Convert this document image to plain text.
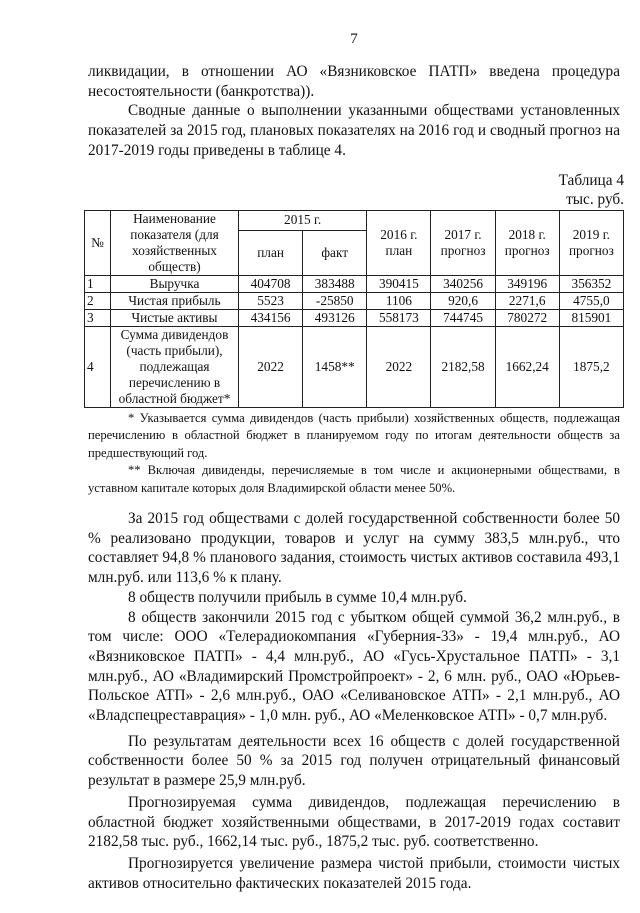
7

ликвидации, в отношении АО «Вязниковское ПАТП» введена процедура несостоятельности (банкротства)).

Сводные данные о выполнении указанными обществами установленных показателей за 2015 год, плановых показателях на 2016 год и сводный прогноз на 2017-2019 годы приведены в таблице 4.

Таблица 4
тыс. руб.
№	Наименование показателя (для хозяйственных обществ)	2015 г.		2016 г. план	2017 г. прогноз	2018 г. прогноз	2019 г. прогноз
		план	факт				
1	Выручка	404708	383488	390415	340256	349196	356352
2	Чистая прибыль	5523	-25850	1106	920,6	2271,6	4755,0
3	Чистые активы	434156	493126	558173	744745	780272	815901
4	Сумма дивидендов (часть прибыли), подлежащая перечислению в областной бюджет*	2022	1458**	2022	2182,58	1662,24	1875,2

* Указывается сумма дивидендов (часть прибыли) хозяйственных обществ, подлежащая перечислению в областной бюджет в планируемом году по итогам деятельности обществ за предшествующий год.

** Включая дивиденды, перечисляемые в том числе и акционерными обществами, в уставном капитале которых доля Владимирской области менее 50%.

За 2015 год обществами с долей государственной собственности более 50 % реализовано продукции, товаров и услуг на сумму 383,5 млн.руб., что составляет 94,8 % планового задания, стоимость чистых активов составила 493,1 млн.руб. или 113,6 % к плану.

8 обществ получили прибыль в сумме 10,4 млн.руб.

8 обществ закончили 2015 год с убытком общей суммой 36,2 млн.руб., в том числе: ООО «Телерадиокомпания «Губерния-33» - 19,4 млн.руб., АО «Вязниковское ПАТП» - 4,4 млн.руб., АО «Гусь-Хрустальное ПАТП» - 3,1 млн.руб., АО «Владимирский Промстройпроект» - 2, 6 млн. руб., ОАО «Юрьев-Польское АТП» - 2,6 млн.руб., ОАО «Селивановское АТП» - 2,1 млн.руб., АО «Владспецреставрация» - 1,0 млн. руб., АО «Меленковское АТП» - 0,7 млн.руб.

По результатам деятельности всех 16 обществ с долей государственной собственности более 50 % за 2015 год получен отрицательный финансовый результат в размере 25,9 млн.руб.

Прогнозируемая сумма дивидендов, подлежащая перечислению в областной бюджет хозяйственными обществами, в 2017-2019 годах составит 2182,58 тыс. руб., 1662,14 тыс. руб., 1875,2 тыс. руб. соответственно.

Прогнозируется увеличение размера чистой прибыли, стоимости чистых активов относительно фактических показателей 2015 года.
